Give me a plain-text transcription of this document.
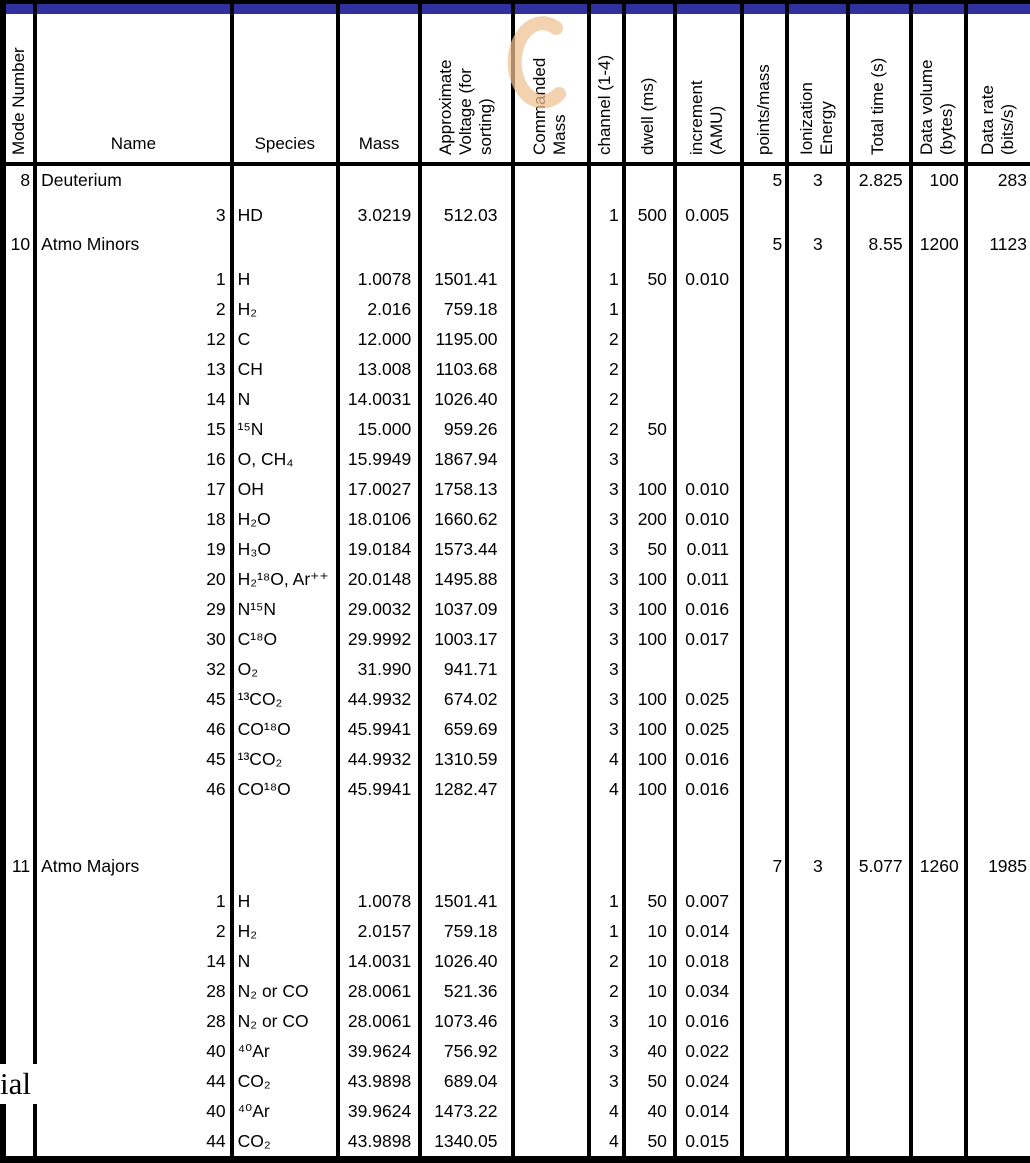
Mode Number	Name	Species	Mass	Approximate Voltage (for sorting)	Commanded Mass	channel (1-4)	dwell (ms)	increment (AMU)	points/mass	Ionization Energy	Total time (s)	Data volume (bytes)	Data rate (bits/s)
8	Deuterium								5	3	2.825	100	283
	3	HD	3.0219	512.03		1	500	0.005					
10	Atmo Minors								5	3	8.55	1200	1123
	1	H	1.0078	1501.41		1	50	0.010					
	2	H₂	2.016	759.18		1							
	12	C	12.000	1195.00		2							
	13	CH	13.008	1103.68		2							
	14	N	14.0031	1026.40		2							
	15	¹⁵N	15.000	959.26		2	50						
	16	O, CH₄	15.9949	1867.94		3							
	17	OH	17.0027	1758.13		3	100	0.010					
	18	H₂O	18.0106	1660.62		3	200	0.010					
	19	H₃O	19.0184	1573.44		3	50	0.011					
	20	H₂¹⁸O, Ar⁺⁺	20.0148	1495.88		3	100	0.011					
	29	N¹⁵N	29.0032	1037.09		3	100	0.016					
	30	C¹⁸O	29.9992	1003.17		3	100	0.017					
	32	O₂	31.990	941.71		3							
	45	¹³CO₂	44.9932	674.02		3	100	0.025					
	46	CO¹⁸O	45.9941	659.69		3	100	0.025					
	45	¹³CO₂	44.9932	1310.59		4	100	0.016					
	46	CO¹⁸O	45.9941	1282.47		4	100	0.016					

11	Atmo Majors								7	3	5.077	1260	1985
	1	H	1.0078	1501.41		1	50	0.007					
	2	H₂	2.0157	759.18		1	10	0.014					
	14	N	14.0031	1026.40		2	10	0.018					
	28	N₂ or CO	28.0061	521.36		2	10	0.034					
	28	N₂ or CO	28.0061	1073.46		3	10	0.016					
	40	⁴⁰Ar	39.9624	756.92		3	40	0.022					
	44	CO₂	43.9898	689.04		3	50	0.024					
	40	⁴⁰Ar	39.9624	1473.22		4	40	0.014					
	44	CO₂	43.9898	1340.05		4	50	0.015					
ial
